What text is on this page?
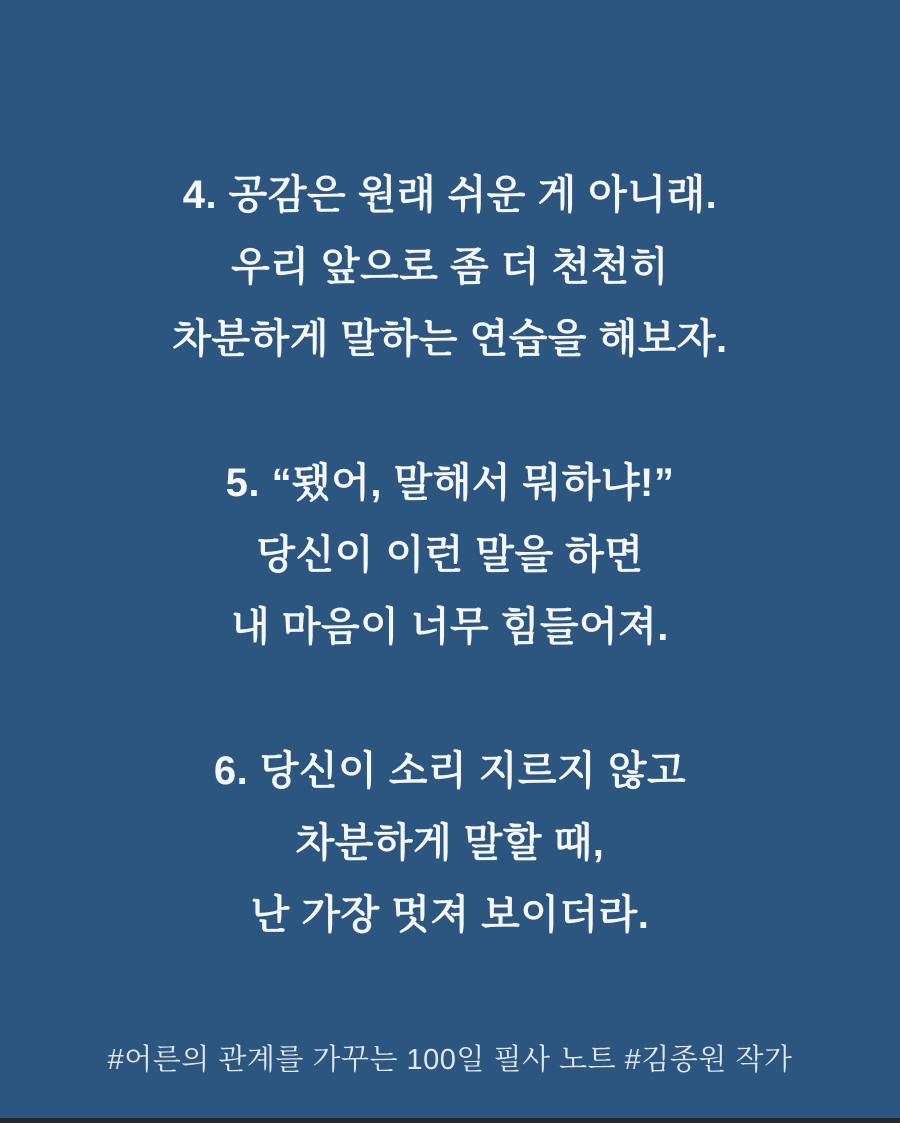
4. 공감은 원래 쉬운 게 아니래.
우리 앞으로 좀 더 천천히
차분하게 말하는 연습을 해보자.
5. “됐어, 말해서 뭐하냐!”
당신이 이런 말을 하면
내 마음이 너무 힘들어져.
6. 당신이 소리 지르지 않고
차분하게 말할 때,
난 가장 멋져 보이더라.
#어른의 관계를 가꾸는 100일 필사 노트 #김종원 작가
